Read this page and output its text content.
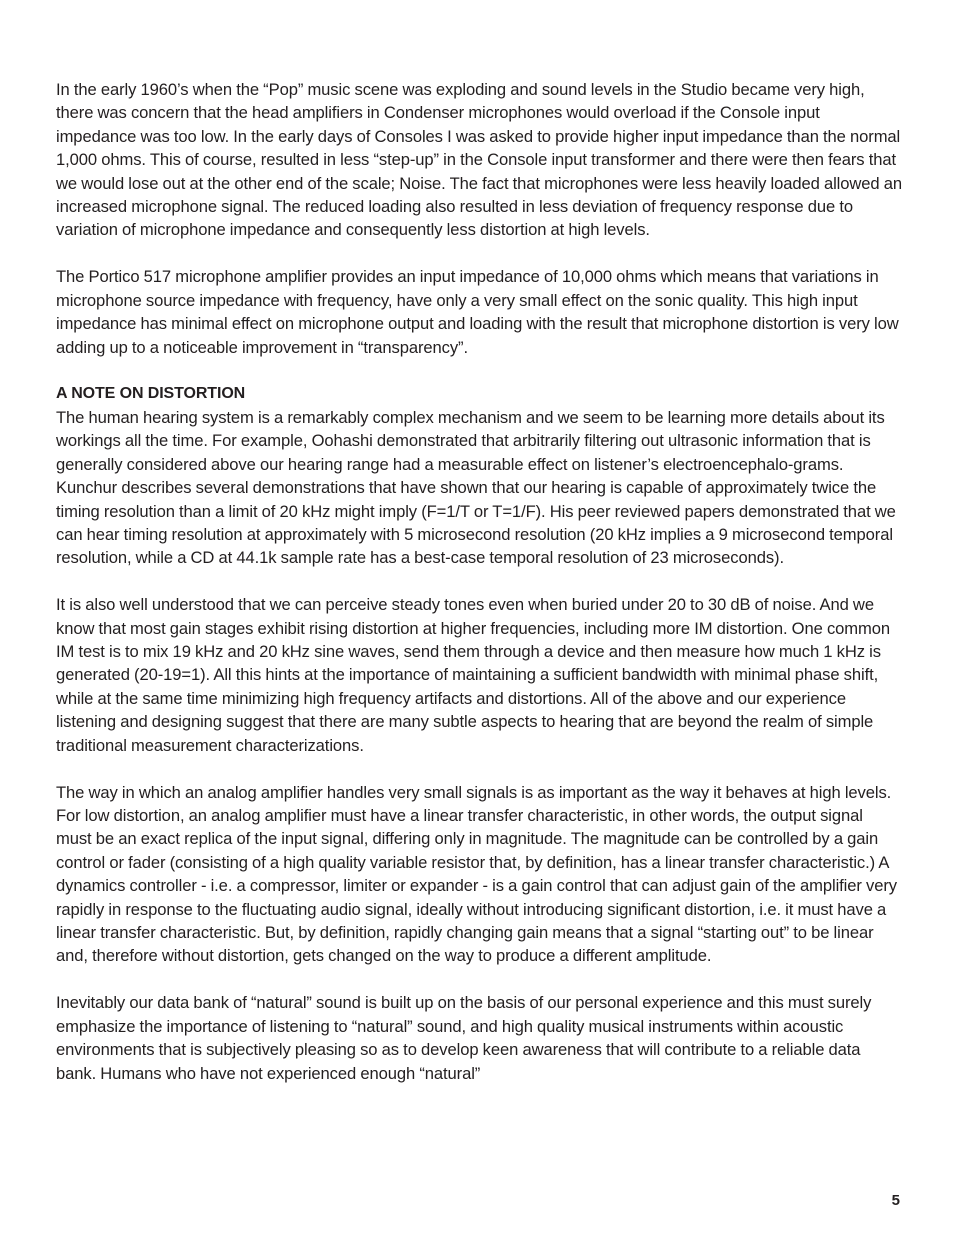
In the early 1960’s when the “Pop” music scene was exploding and sound levels in the Studio became very high, there was concern that the head amplifiers in Condenser microphones would overload if the Console input impedance was too low. In the early days of Consoles I was asked to provide higher input impedance than the normal 1,000 ohms. This of course, resulted in less “step-up” in the Console input transformer and there were then fears that we would lose out at the other end of the scale; Noise. The fact that microphones were less heavily loaded allowed an increased microphone signal. The reduced loading also resulted in less deviation of frequency response due to variation of microphone impedance and consequently less distortion at high levels.

The Portico 517 microphone amplifier provides an input impedance of 10,000 ohms which means that variations in microphone source impedance with frequency, have only a very small effect on the sonic quality. This high input impedance has minimal effect on microphone output and loading with the result that microphone distortion is very low adding up to a noticeable improvement in “transparency”.

A NOTE ON DISTORTION

The human hearing system is a remarkably complex mechanism and we seem to be learning more details about its workings all the time. For example, Oohashi demonstrated that arbitrarily filtering out ultrasonic information that is generally considered above our hearing range had a measurable effect on listener’s electroencephalo-grams. Kunchur describes several demonstrations that have shown that our hearing is capable of approximately twice the timing resolution than a limit of 20 kHz might imply (F=1/T or T=1/F). His peer reviewed papers demonstrated that we can hear timing resolution at approximately with 5 microsecond resolution (20 kHz implies a 9 microsecond temporal resolution, while a CD at 44.1k sample rate has a best-case temporal resolution of 23 microseconds).

It is also well understood that we can perceive steady tones even when buried under 20 to 30 dB of noise. And we know that most gain stages exhibit rising distortion at higher frequencies, including more IM distortion. One common IM test is to mix 19 kHz and 20 kHz sine waves, send them through a device and then measure how much 1 kHz is generated (20-19=1). All this hints at the importance of maintaining a sufficient bandwidth with minimal phase shift, while at the same time minimizing high frequency artifacts and distortions. All of the above and our experience listening and designing suggest that there are many subtle aspects to hearing that are beyond the realm of simple traditional measurement characterizations.

The way in which an analog amplifier handles very small signals is as important as the way it behaves at high levels. For low distortion, an analog amplifier must have a linear transfer characteristic, in other words, the output signal must be an exact replica of the input signal, differing only in magnitude. The magnitude can be controlled by a gain control or fader (consisting of a high quality variable resistor that, by definition, has a linear transfer characteristic.) A dynamics controller - i.e. a compressor, limiter or expander - is a gain control that can adjust gain of the amplifier very rapidly in response to the fluctuating audio signal, ideally without introducing significant distortion, i.e. it must have a linear transfer characteristic. But, by definition, rapidly changing gain means that a signal “starting out” to be linear and, therefore without distortion, gets changed on the way to produce a different amplitude.

Inevitably our data bank of “natural” sound is built up on the basis of our personal experience and this must surely emphasize the importance of listening to “natural” sound, and high quality musical instruments within acoustic environments that is subjectively pleasing so as to develop keen awareness that will contribute to a reliable data bank. Humans who have not experienced enough “natural”

5
